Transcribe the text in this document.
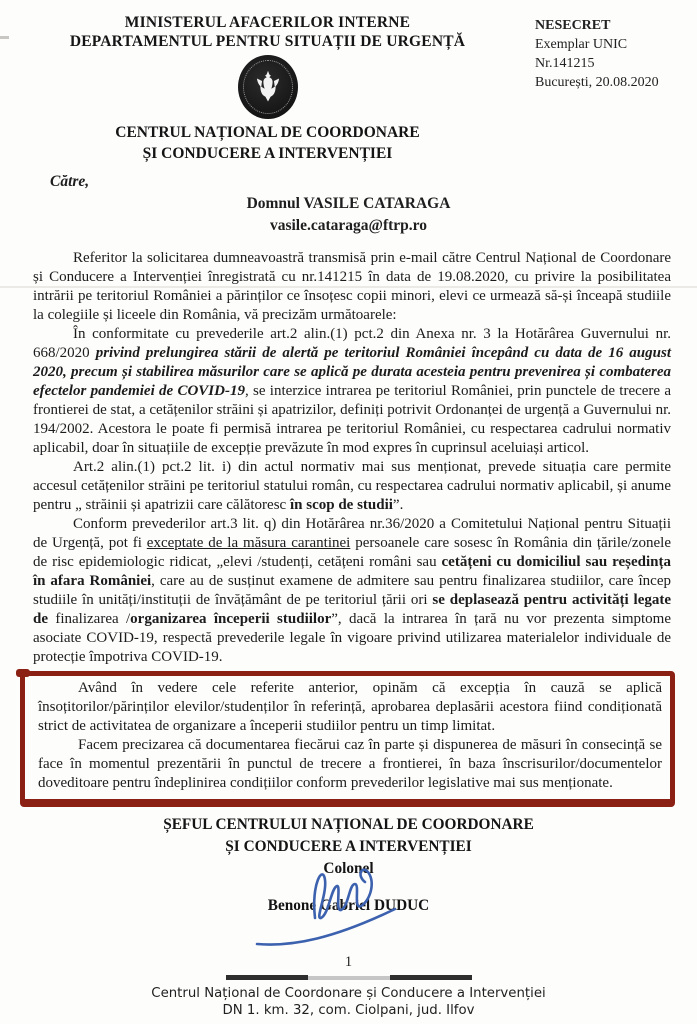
MINISTERUL AFACERILOR INTERNE
DEPARTAMENTUL PENTRU SITUAȚII DE URGENȚĂ
CENTRUL NAȚIONAL DE COORDONARE
ȘI CONDUCERE A INTERVENȚIEI
NESECRET
Exemplar UNIC
Nr.141215
București, 20.08.2020
Către,
Domnul VASILE CATARAGA
vasile.cataraga@ftrp.ro

Referitor la solicitarea dumneavoastră transmisă prin e-mail către Centrul Național de Coordonare și Conducere a Intervenției înregistrată cu nr.141215 în data de 19.08.2020, cu privire la posibilitatea intrării pe teritoriul României a părinților ce însoțesc copii minori, elevi ce urmează să-și înceapă studiile la colegiile și liceele din România, vă precizăm următoarele:

În conformitate cu prevederile art.2 alin.(1) pct.2 din Anexa nr. 3 la Hotărârea Guvernului nr. 668/2020 privind prelungirea stării de alertă pe teritoriul României începând cu data de 16 august 2020, precum și stabilirea măsurilor care se aplică pe durata acesteia pentru prevenirea și combaterea efectelor pandemiei de COVID-19, se interzice intrarea pe teritoriul României, prin punctele de trecere a frontierei de stat, a cetățenilor străini și apatrizilor, definiți potrivit Ordonanței de urgență a Guvernului nr. 194/2002. Acestora le poate fi permisă intrarea pe teritoriul României, cu respectarea cadrului normativ aplicabil, doar în situațiile de excepție prevăzute în mod expres în cuprinsul aceluiași articol.

Art.2 alin.(1) pct.2 lit. i) din actul normativ mai sus menționat, prevede situația care permite accesul cetățenilor străini pe teritoriul statului român, cu respectarea cadrului normativ aplicabil, și anume pentru „ străinii și apatrizii care călătoresc în scop de studii”.

Conform prevederilor art.3 lit. q) din Hotărârea nr.36/2020 a Comitetului Național pentru Situații de Urgență, pot fi exceptate de la măsura carantinei persoanele care sosesc în România din țările/zonele de risc epidemiologic ridicat, „elevi /studenți, cetățeni români sau cetățeni cu domiciliul sau reședința în afara României, care au de susținut examene de admitere sau pentru finalizarea studiilor, care încep studiile în unități/instituții de învățământ de pe teritoriul țării ori se deplasează pentru activități legate de finalizarea /organizarea începerii studiilor”, dacă la intrarea în țară nu vor prezenta simptome asociate COVID-19, respectă prevederile legale în vigoare privind utilizarea materialelor individuale de protecție împotriva COVID-19.

Având în vedere cele referite anterior, opinăm că excepția în cauză se aplică însoțitorilor/părinților elevilor/studenților în referință, aprobarea deplasării acestora fiind condiționată strict de activitatea de organizare a începerii studiilor pentru un timp limitat.

Facem precizarea că documentarea fiecărui caz în parte și dispunerea de măsuri în consecință se face în momentul prezentării în punctul de trecere a frontierei, în baza înscrisurilor/documentelor doveditoare pentru îndeplinirea condițiilor conform prevederilor legislative mai sus menționate.

ȘEFUL CENTRULUI NAȚIONAL DE COORDONARE
ȘI CONDUCERE A INTERVENȚIEI
Colonel
Benone Gabriel DUDUC
1
Centrul Național de Coordonare și Conducere a Intervenției
DN 1. km. 32, com. Ciolpani, jud. Ilfov
